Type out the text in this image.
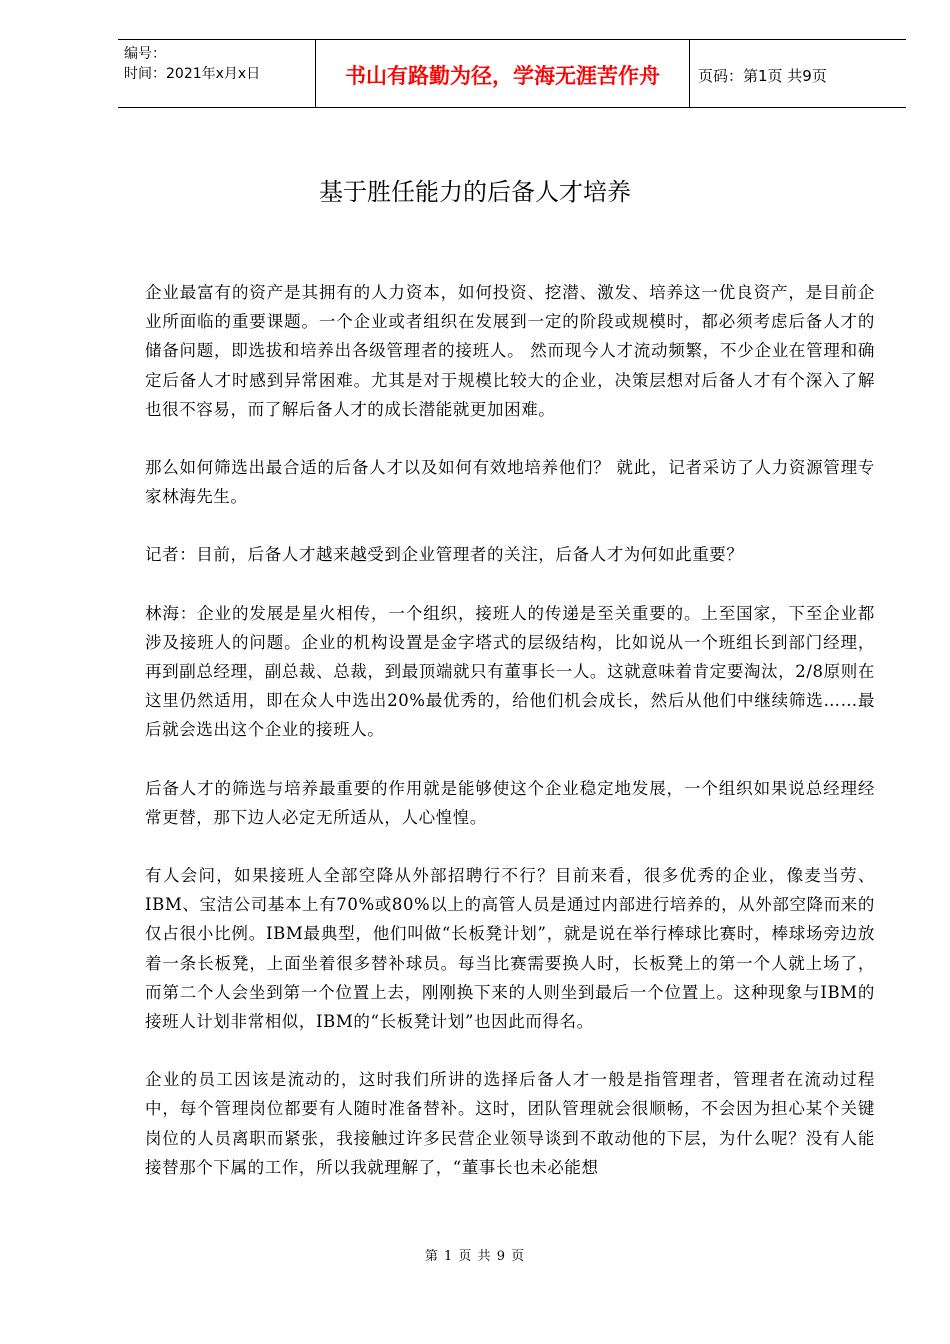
编号：
时间：2021年x月x日	书山有路勤为径，学海无涯苦作舟	页码：第1页 共9页
基于胜任能力的后备人才培养

企业最富有的资产是其拥有的人力资本，如何投资、挖潜、激发、培养这一优良资产，是目前企业所面临的重要课题。一个企业或者组织在发展到一定的阶段或规模时，都必须考虑后备人才的储备问题，即选拔和培养出各级管理者的接班人。 然而现今人才流动频繁，不少企业在管理和确定后备人才时感到异常困难。尤其是对于规模比较大的企业，决策层想对后备人才有个深入了解也很不容易，而了解后备人才的成长潜能就更加困难。

那么如何筛选出最合适的后备人才以及如何有效地培养他们？ 就此，记者采访了人力资源管理专家林海先生。

记者：目前，后备人才越来越受到企业管理者的关注，后备人才为何如此重要？

林海：企业的发展是星火相传，一个组织，接班人的传递是至关重要的。上至国家，下至企业都涉及接班人的问题。企业的机构设置是金字塔式的层级结构，比如说从一个班组长到部门经理，再到副总经理，副总裁、总裁，到最顶端就只有董事长一人。这就意味着肯定要淘汰，2/8原则在这里仍然适用，即在众人中选出20%最优秀的，给他们机会成长，然后从他们中继续筛选……最后就会选出这个企业的接班人。

后备人才的筛选与培养最重要的作用就是能够使这个企业稳定地发展，一个组织如果说总经理经常更替，那下边人必定无所适从，人心惶惶。

有人会问，如果接班人全部空降从外部招聘行不行？目前来看，很多优秀的企业，像麦当劳、IBM、宝洁公司基本上有70%或80%以上的高管人员是通过内部进行培养的，从外部空降而来的仅占很小比例。IBM最典型，他们叫做“长板凳计划”，就是说在举行棒球比赛时，棒球场旁边放着一条长板凳，上面坐着很多替补球员。每当比赛需要换人时，长板凳上的第一个人就上场了，而第二个人会坐到第一个位置上去，刚刚换下来的人则坐到最后一个位置上。这种现象与IBM的接班人计划非常相似，IBM的“长板凳计划”也因此而得名。

企业的员工因该是流动的，这时我们所讲的选择后备人才一般是指管理者，管理者在流动过程中，每个管理岗位都要有人随时准备替补。这时，团队管理就会很顺畅，不会因为担心某个关键岗位的人员离职而紧张，我接触过许多民营企业领导谈到不敢动他的下层，为什么呢？没有人能接替那个下属的工作，所以我就理解了，“董事长也未必能想

第 1 页 共 9 页
